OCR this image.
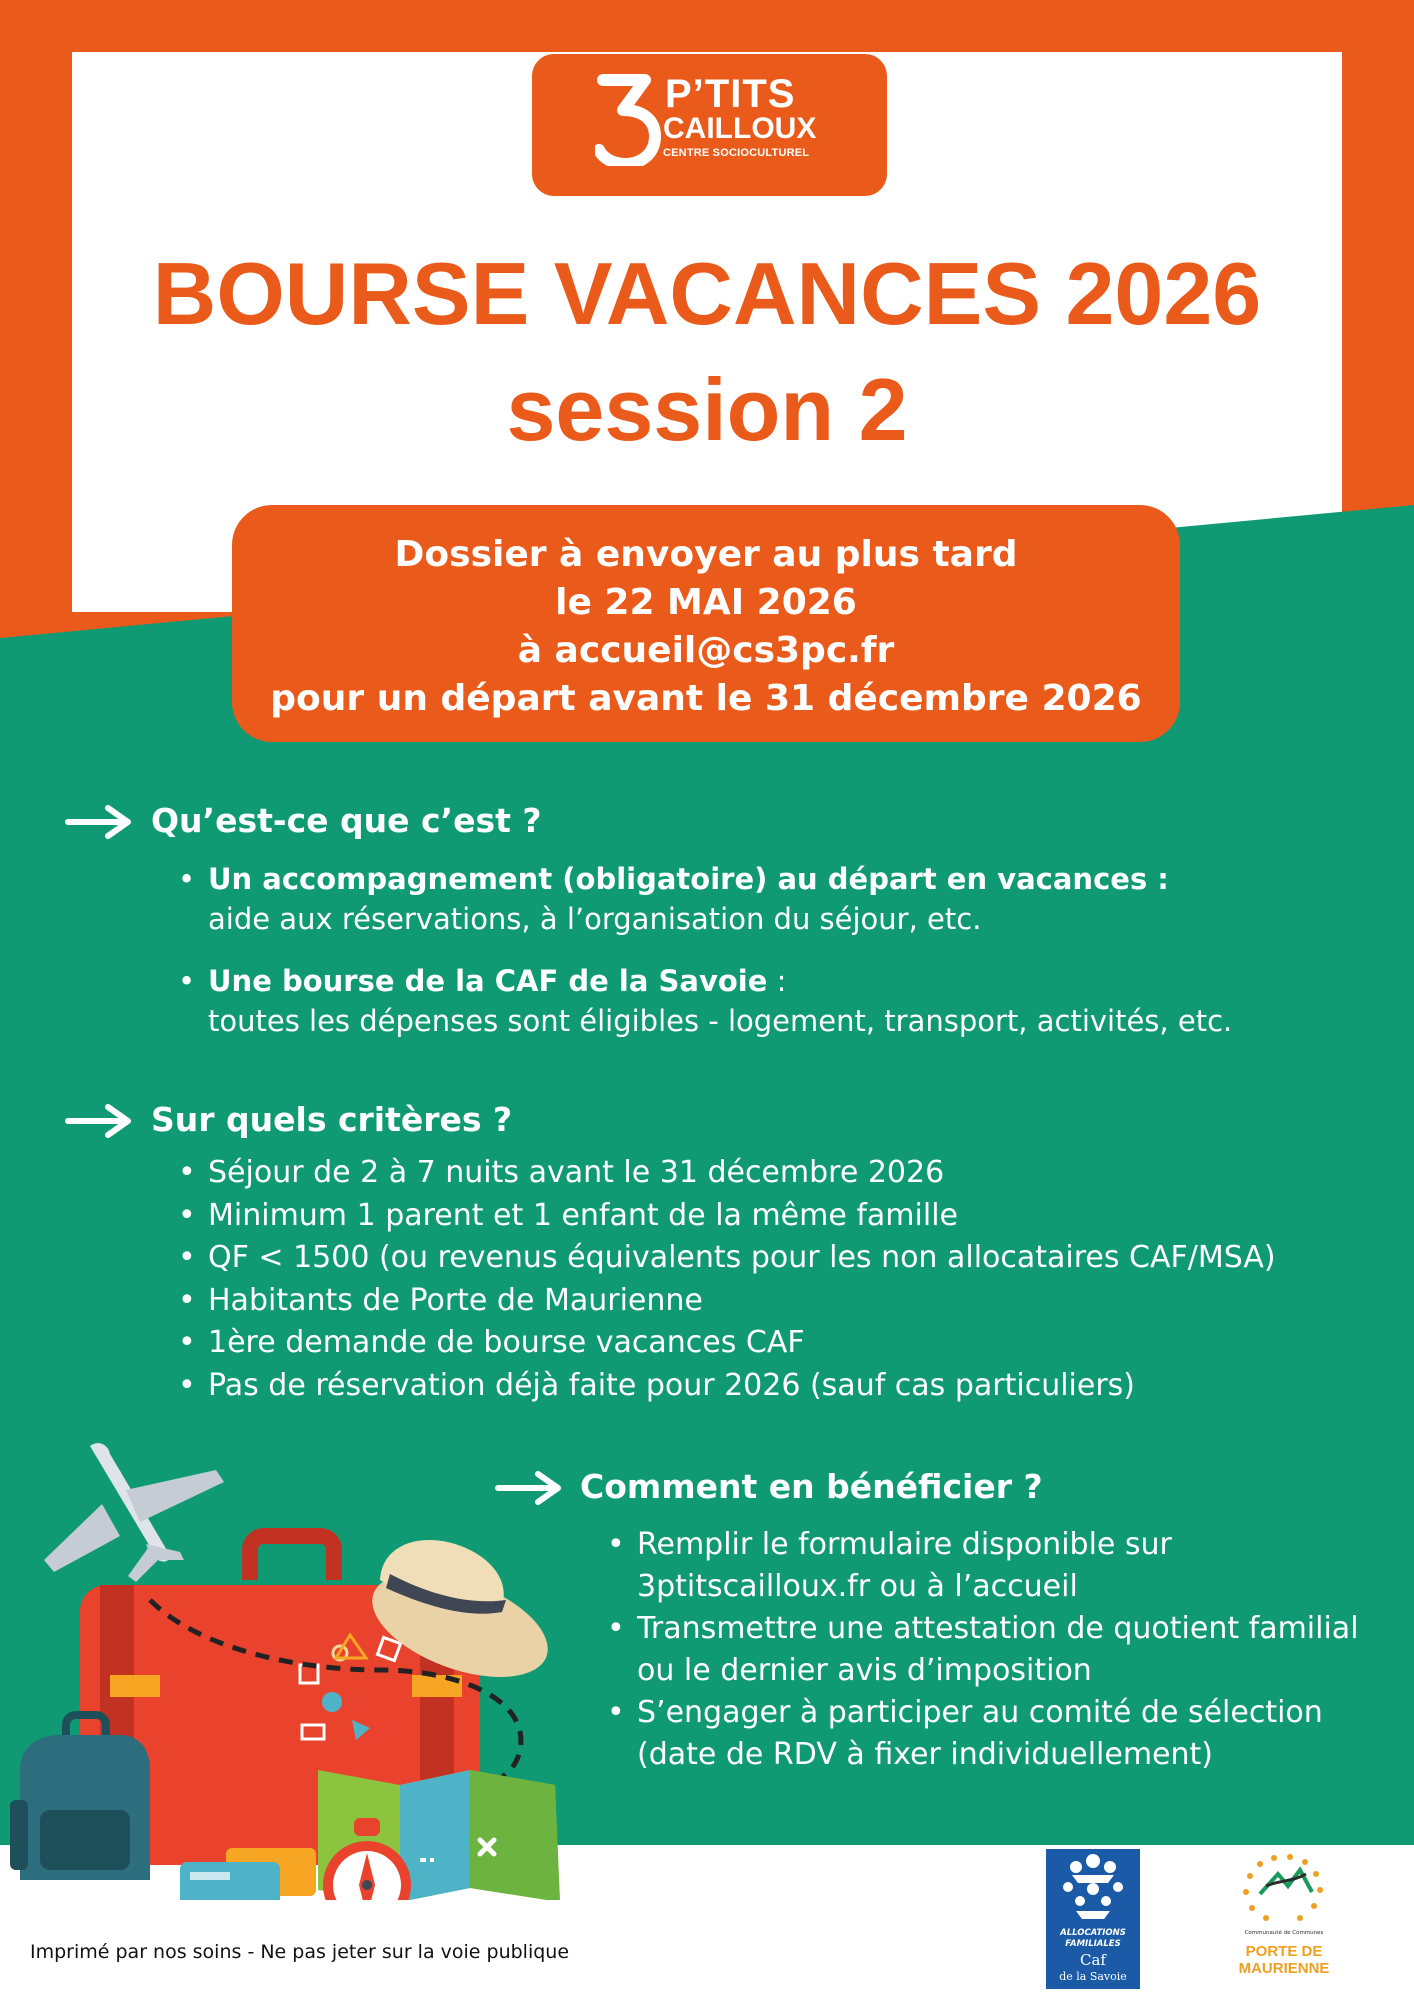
P’TITS
CAILLOUX
CENTRE SOCIOCULTUREL
BOURSE VACANCES 2026
session 2
Dossier à envoyer au plus tard
le 22 MAI 2026
à accueil@cs3pc.fr
pour un départ avant le 31 décembre 2026
Qu’est-ce que c’est ?
• Un accompagnement (obligatoire) au départ en vacances :
aide aux réservations, à l’organisation du séjour, etc.
• Une bourse de la CAF de la Savoie :
toutes les dépenses sont éligibles - logement, transport, activités, etc.
Sur quels critères ?
• Séjour de 2 à 7 nuits avant le 31 décembre 2026
• Minimum 1 parent et 1 enfant de la même famille
• QF < 1500 (ou revenus équivalents pour les non allocataires CAF/MSA)
• Habitants de Porte de Maurienne
• 1ère demande de bourse vacances CAF
• Pas de réservation déjà faite pour 2026 (sauf cas particuliers)
Comment en bénéficier ?
• Remplir le formulaire disponible sur 3ptitscailloux.fr ou à l’accueil
• Transmettre une attestation de quotient familial ou le dernier avis d’imposition
• S’engager à participer au comité de sélection (date de RDV à fixer individuellement)
Imprimé par nos soins - Ne pas jeter sur la voie publique
ALLOCATIONS
FAMILIALES
Caf
de la Savoie
Communauté de Communes
PORTE DE
MAURIENNE
